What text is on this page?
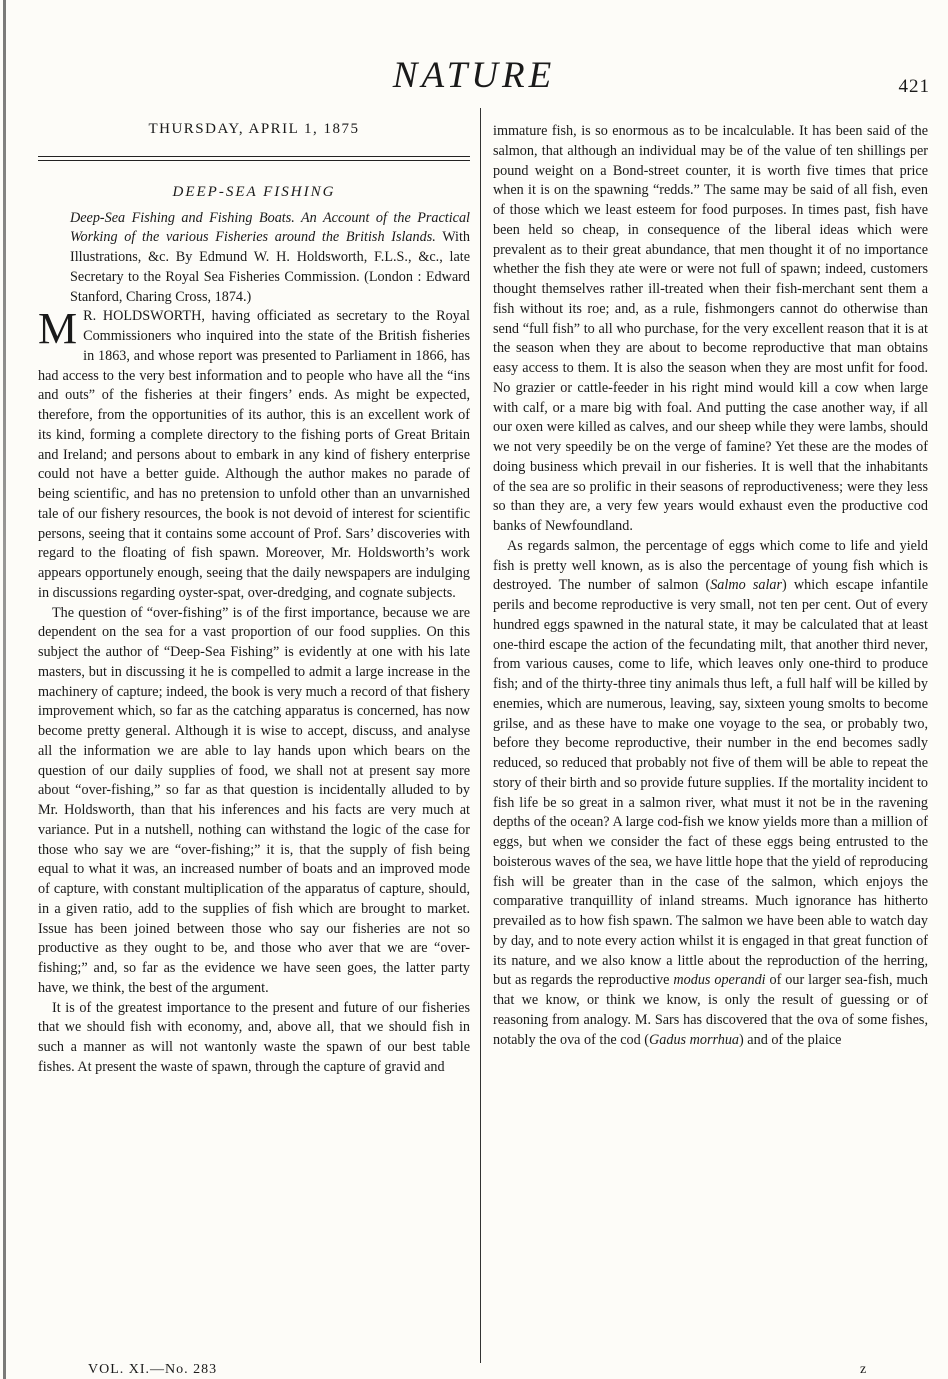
NATURE	421
THURSDAY, APRIL 1, 1875
DEEP-SEA FISHING

Deep-Sea Fishing and Fishing Boats. An Account of the Practical Working of the various Fisheries around the British Islands. With Illustrations, &c. By Edmund W. H. Holdsworth, F.L.S., &c., late Secretary to the Royal Sea Fisheries Commission. (London : Edward Stanford, Charing Cross, 1874.)

M R. HOLDSWORTH, having officiated as secretary to the Royal Commissioners who inquired into the state of the British fisheries in 1863, and whose report was presented to Parliament in 1866, has had access to the very best information and to people who have all the “ins and outs” of the fisheries at their fingers’ ends. As might be expected, therefore, from the opportunities of its author, this is an excellent work of its kind, forming a complete directory to the fishing ports of Great Britain and Ireland; and persons about to embark in any kind of fishery enterprise could not have a better guide. Although the author makes no parade of being scientific, and has no pretension to unfold other than an unvarnished tale of our fishery resources, the book is not devoid of interest for scientific persons, seeing that it contains some account of Prof. Sars’ discoveries with regard to the floating of fish spawn. Moreover, Mr. Holdsworth’s work appears opportunely enough, seeing that the daily newspapers are indulging in discussions regarding oyster-spat, over-dredging, and cognate subjects.

The question of “over-fishing” is of the first importance, because we are dependent on the sea for a vast proportion of our food supplies. On this subject the author of “Deep-Sea Fishing” is evidently at one with his late masters, but in discussing it he is compelled to admit a large increase in the machinery of capture; indeed, the book is very much a record of that fishery improvement which, so far as the catching apparatus is concerned, has now become pretty general. Although it is wise to accept, discuss, and analyse all the information we are able to lay hands upon which bears on the question of our daily supplies of food, we shall not at present say more about “over-fishing,” so far as that question is incidentally alluded to by Mr. Holdsworth, than that his inferences and his facts are very much at variance. Put in a nutshell, nothing can withstand the logic of the case for those who say we are “over-fishing;” it is, that the supply of fish being equal to what it was, an increased number of boats and an improved mode of capture, with constant multiplication of the apparatus of capture, should, in a given ratio, add to the supplies of fish which are brought to market. Issue has been joined between those who say our fisheries are not so productive as they ought to be, and those who aver that we are “over-fishing;” and, so far as the evidence we have seen goes, the latter party have, we think, the best of the argument.

It is of the greatest importance to the present and future of our fisheries that we should fish with economy, and, above all, that we should fish in such a manner as will not wantonly waste the spawn of our best table fishes. At present the waste of spawn, through the capture of gravid and

immature fish, is so enormous as to be incalculable. It has been said of the salmon, that although an individual may be of the value of ten shillings per pound weight on a Bond-street counter, it is worth five times that price when it is on the spawning “redds.” The same may be said of all fish, even of those which we least esteem for food purposes. In times past, fish have been held so cheap, in consequence of the liberal ideas which were prevalent as to their great abundance, that men thought it of no importance whether the fish they ate were or were not full of spawn; indeed, customers thought themselves rather ill-treated when their fish-merchant sent them a fish without its roe; and, as a rule, fishmongers cannot do otherwise than send “full fish” to all who purchase, for the very excellent reason that it is at the season when they are about to become reproductive that man obtains easy access to them. It is also the season when they are most unfit for food. No grazier or cattle-feeder in his right mind would kill a cow when large with calf, or a mare big with foal. And putting the case another way, if all our oxen were killed as calves, and our sheep while they were lambs, should we not very speedily be on the verge of famine? Yet these are the modes of doing business which prevail in our fisheries. It is well that the inhabitants of the sea are so prolific in their seasons of reproductiveness; were they less so than they are, a very few years would exhaust even the productive cod banks of Newfoundland.

As regards salmon, the percentage of eggs which come to life and yield fish is pretty well known, as is also the percentage of young fish which is destroyed. The number of salmon (Salmo salar) which escape infantile perils and become reproductive is very small, not ten per cent. Out of every hundred eggs spawned in the natural state, it may be calculated that at least one-third escape the action of the fecundating milt, that another third never, from various causes, come to life, which leaves only one-third to produce fish; and of the thirty-three tiny animals thus left, a full half will be killed by enemies, which are numerous, leaving, say, sixteen young smolts to become grilse, and as these have to make one voyage to the sea, or probably two, before they become reproductive, their number in the end becomes sadly reduced, so reduced that probably not five of them will be able to repeat the story of their birth and so provide future supplies. If the mortality incident to fish life be so great in a salmon river, what must it not be in the ravening depths of the ocean? A large cod-fish we know yields more than a million of eggs, but when we consider the fact of these eggs being entrusted to the boisterous waves of the sea, we have little hope that the yield of reproducing fish will be greater than in the case of the salmon, which enjoys the comparative tranquillity of inland streams. Much ignorance has hitherto prevailed as to how fish spawn. The salmon we have been able to watch day by day, and to note every action whilst it is engaged in that great function of its nature, and we also know a little about the reproduction of the herring, but as regards the reproductive modus operandi of our larger sea-fish, much that we know, or think we know, is only the result of guessing or of reasoning from analogy. M. Sars has discovered that the ova of some fishes, notably the ova of the cod (Gadus morrhua) and of the plaice

VOL. XI.—No. 283	z
